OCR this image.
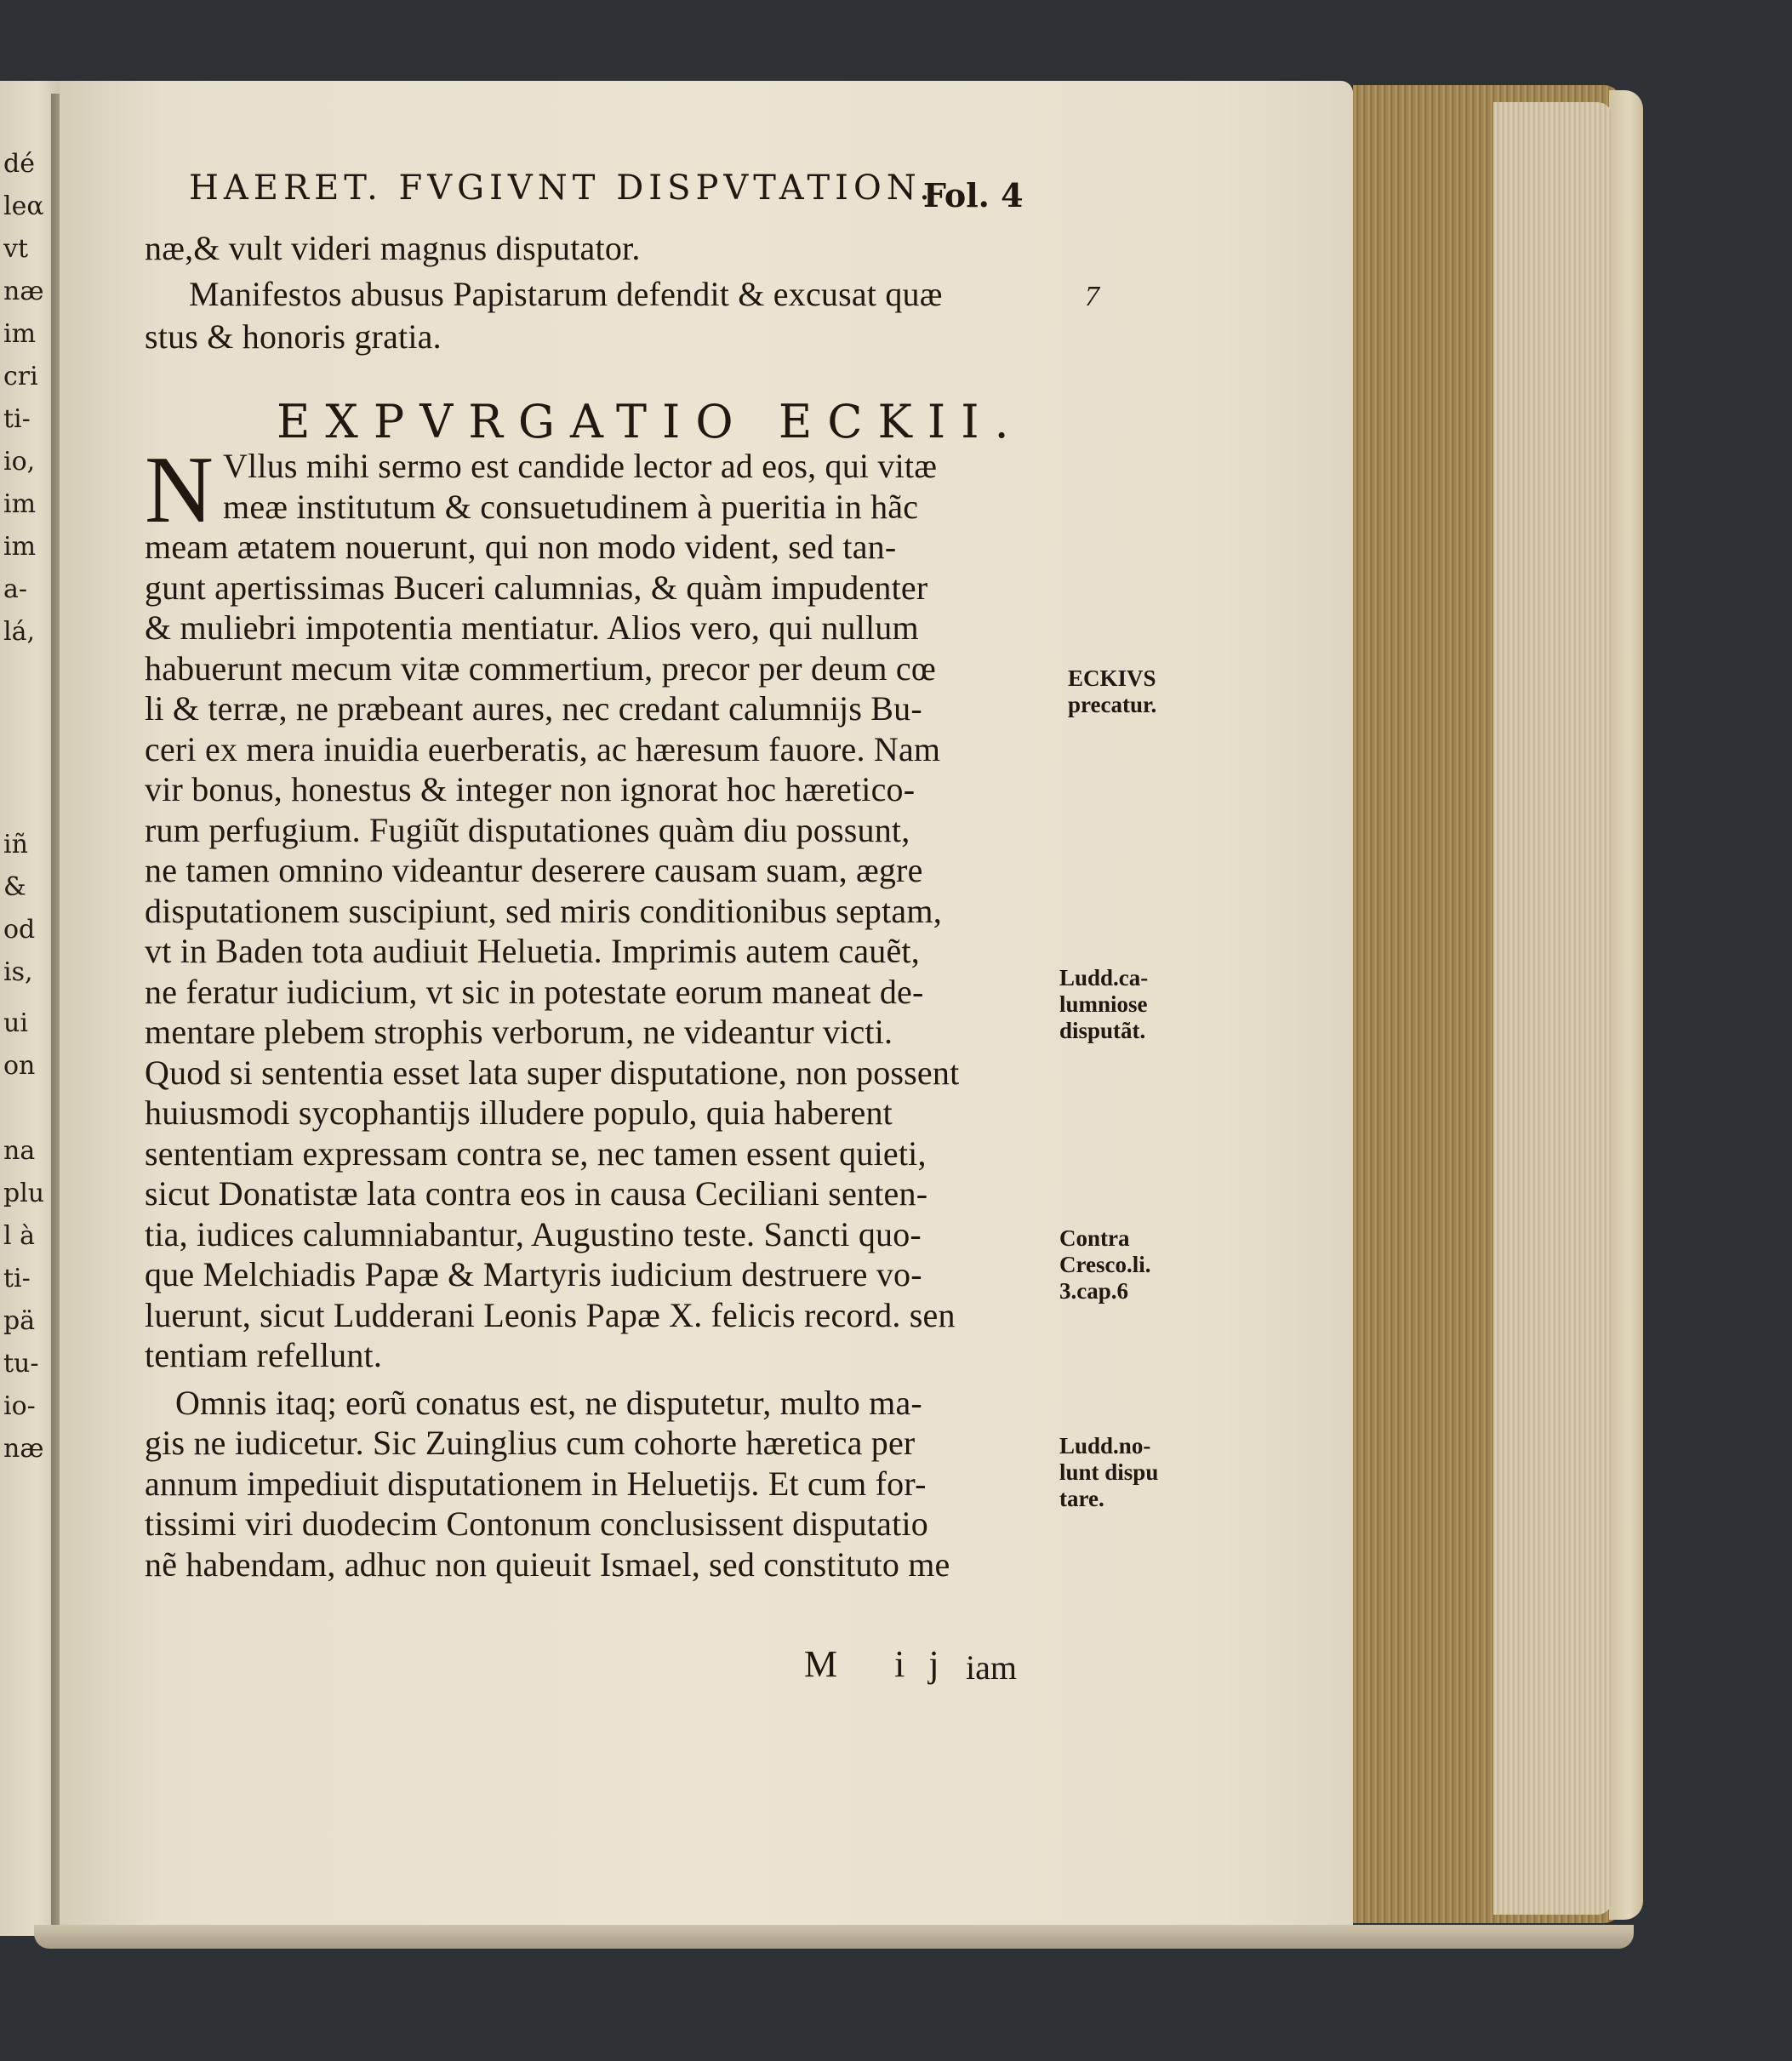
dé
leα
vt
næ
im
cri
ti-
io,
im
im
a-
lá,
iñ
&
od
is,
ui
on
na
plu
l à
ti-
pä
tu-
io-
næ
HAERET. FVGIVNT DISPVTATION.
Fol. 4
næ,& vult videri magnus disputator.
Manifestos abusus Papistarum defendit & excusat quæ
stus & honoris gratia.
7
EXPVRGATIO ECKII.
N Vllus mihi sermo est candide lector ad eos, qui vitæ
meæ institutum & consuetudinem à pueritia in hãc
meam ætatem nouerunt, qui non modo vident, sed tan-
gunt apertissimas Buceri calumnias, & quàm impudenter
& muliebri impotentia mentiatur. Alios vero, qui nullum
habuerunt mecum vitæ commertium, precor per deum cœ
li & terræ, ne præbeant aures, nec credant calumnĳs Bu-
ceri ex mera inuidia euerberatis, ac hæresum fauore. Nam
vir bonus, honestus & integer non ignorat hoc hæretico-
rum perfugium. Fugiũt disputationes quàm diu possunt,
ne tamen omnino videantur deserere causam suam, ægre
disputationem suscipiunt, sed miris conditionibus septam,
vt in Baden tota audiuit Heluetia. Imprimis autem cauẽt,
ne feratur iudicium, vt sic in potestate eorum maneat de-
mentare plebem strophis verborum, ne videantur victi.
Quod si sententia esset lata super disputatione, non possent
huiusmodi sycophantĳs illudere populo, quia haberent
sententiam expressam contra se, nec tamen essent quieti,
sicut Donatistæ lata contra eos in causa Ceciliani senten-
tia, iudices calumniabantur, Augustino teste. Sancti quo-
que Melchiadis Papæ & Martyris iudicium destruere vo-
luerunt, sicut Ludderani Leonis Papæ X. felicis record. sen
tentiam refellunt.
Omnis itaq; eorũ conatus est, ne disputetur, multo ma-
gis ne iudicetur. Sic Zuinglius cum cohorte hæretica per
annum impediuit disputationem in Heluetĳs. Et cum for-
tissimi viri duodecim Contonum conclusissent disputatio
nẽ habendam, adhuc non quieuit Ismael, sed constituto me
ECKIVS
precatur.
Ludd.ca-
lumniose
disputãt.
Contra
Cresco.li.
3.cap.6
Ludd.no-
lunt dispu
tare.
M ij iam
